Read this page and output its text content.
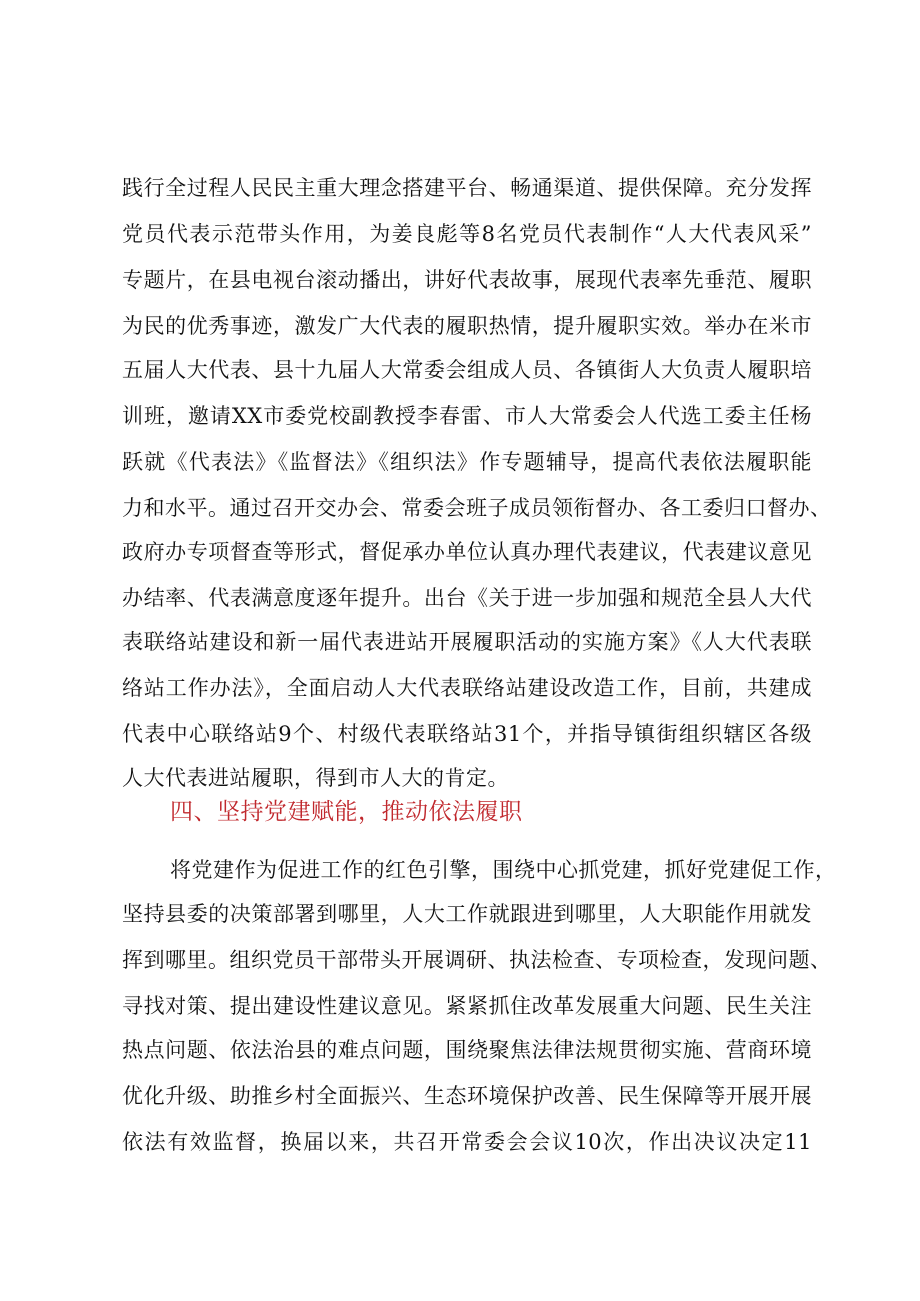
践行全过程人民民主重大理念搭建平台、畅通渠道、提供保障。充分发挥
党员代表示范带头作用，为姜良彪等8名党员代表制作“人大代表风采”
专题片，在县电视台滚动播出，讲好代表故事，展现代表率先垂范、履职
为民的优秀事迹，激发广大代表的履职热情，提升履职实效。举办在米市
五届人大代表、县十九届人大常委会组成人员、各镇街人大负责人履职培
训班，邀请XX市委党校副教授李春雷、市人大常委会人代选工委主任杨
跃就《代表法》《监督法》《组织法》作专题辅导，提高代表依法履职能
力和水平。通过召开交办会、常委会班子成员领衔督办、各工委归口督办、
政府办专项督查等形式，督促承办单位认真办理代表建议，代表建议意见
办结率、代表满意度逐年提升。出台《关于进一步加强和规范全县人大代
表联络站建设和新一届代表进站开展履职活动的实施方案》《人大代表联
络站工作办法》，全面启动人大代表联络站建设改造工作，目前，共建成
代表中心联络站9个、村级代表联络站31个，并指导镇街组织辖区各级
人大代表进站履职，得到市人大的肯定。
四、坚持党建赋能，推动依法履职
将党建作为促进工作的红色引擎，围绕中心抓党建，抓好党建促工作，
坚持县委的决策部署到哪里，人大工作就跟进到哪里，人大职能作用就发
挥到哪里。组织党员干部带头开展调研、执法检查、专项检查，发现问题、
寻找对策、提出建设性建议意见。紧紧抓住改革发展重大问题、民生关注
热点问题、依法治县的难点问题，围绕聚焦法律法规贯彻实施、营商环境
优化升级、助推乡村全面振兴、生态环境保护改善、民生保障等开展开展
依法有效监督，换届以来，共召开常委会会议10次，作出决议决定11
